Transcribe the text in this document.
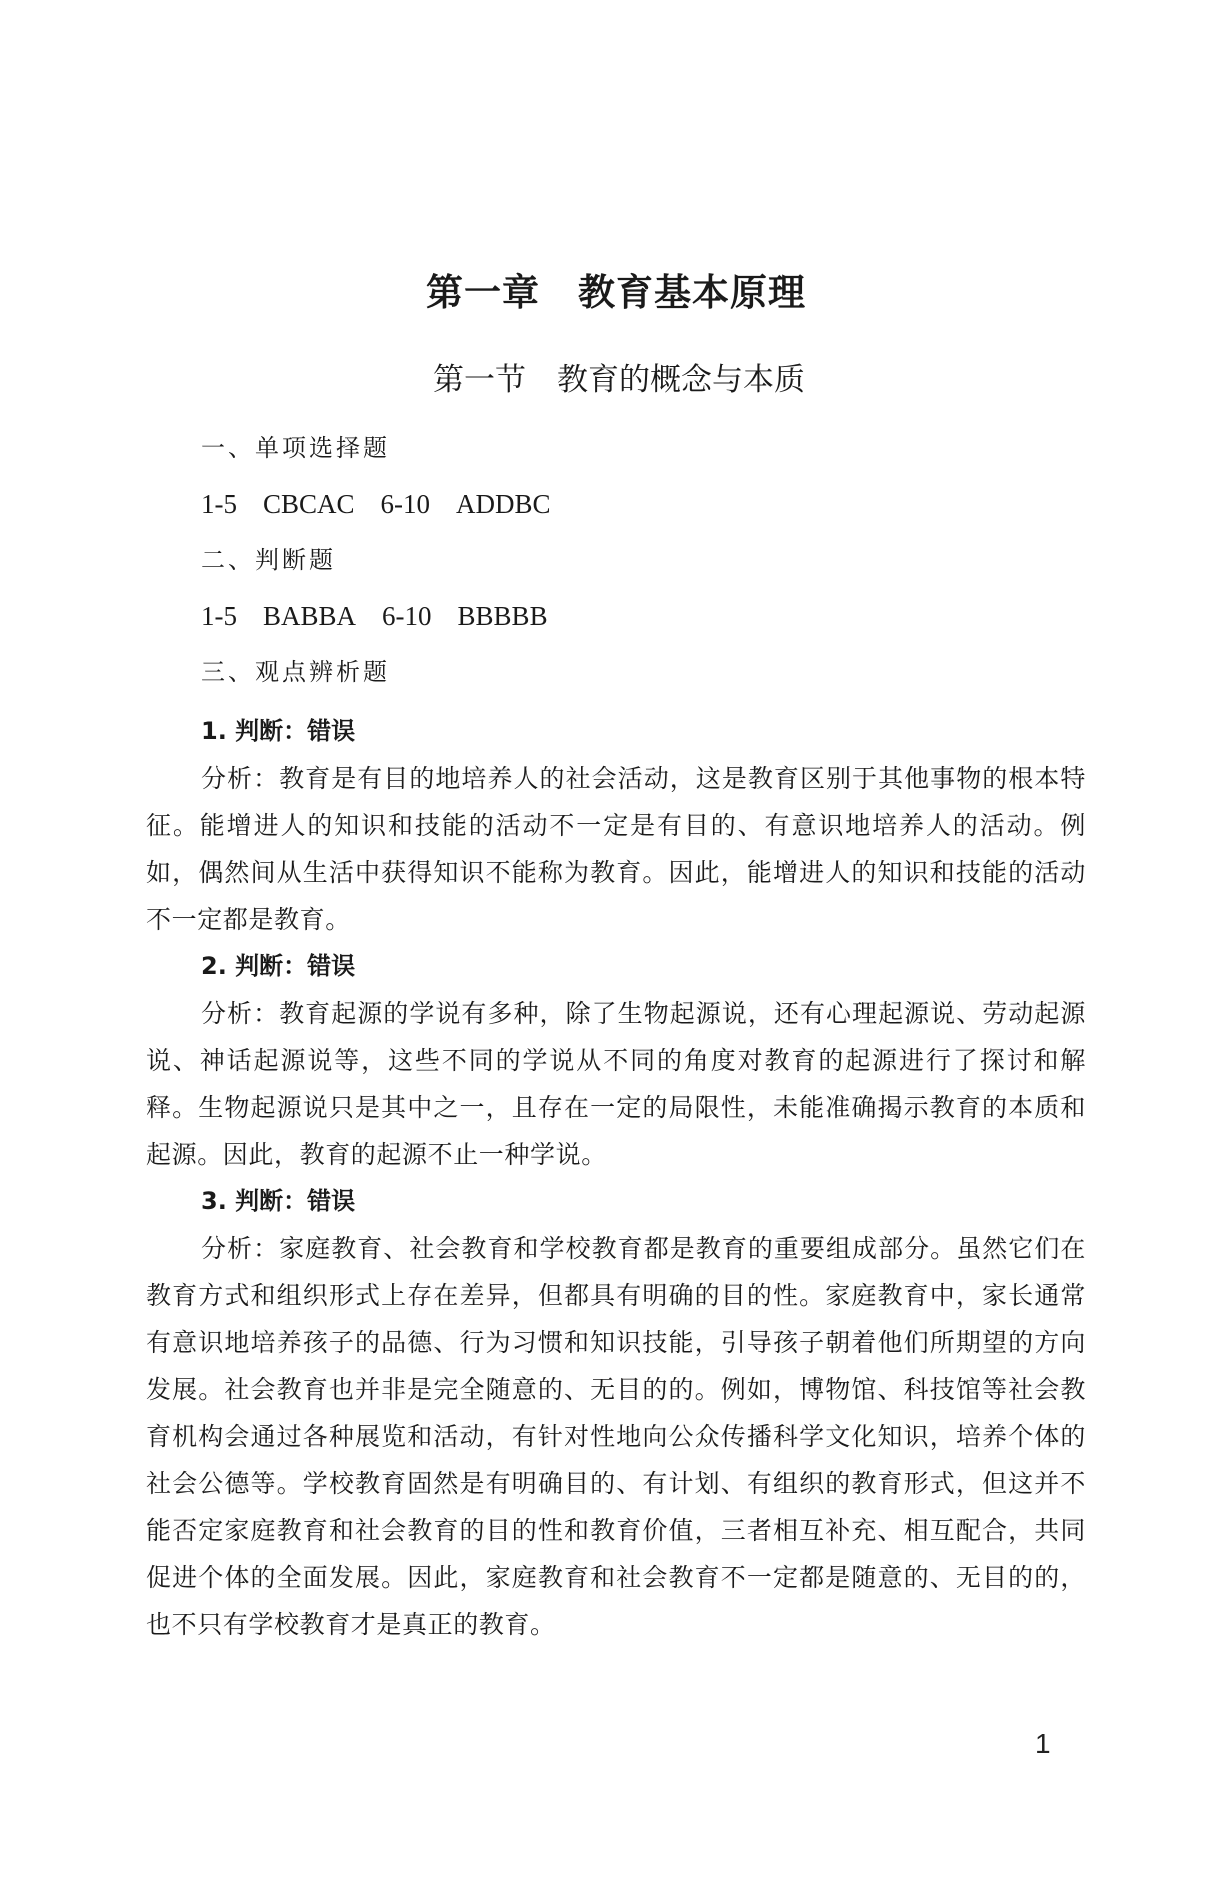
第一章　教育基本原理
第一节　教育的概念与本质
一、单项选择题
1-5 CBCAC 6-10 ADDBC
二、判断题
1-5 BABBA 6-10 BBBBB
三、观点辨析题
1. 判断：错误

分析：教育是有目的地培养人的社会活动，这是教育区别于其他事物的根本特征。能增进人的知识和技能的活动不一定是有目的、有意识地培养人的活动。例如，偶然间从生活中获得知识不能称为教育。因此，能增进人的知识和技能的活动不一定都是教育。

2. 判断：错误

分析：教育起源的学说有多种，除了生物起源说，还有心理起源说、劳动起源说、神话起源说等，这些不同的学说从不同的角度对教育的起源进行了探讨和解释。生物起源说只是其中之一，且存在一定的局限性，未能准确揭示教育的本质和起源。因此，教育的起源不止一种学说。

3. 判断：错误

分析：家庭教育、社会教育和学校教育都是教育的重要组成部分。虽然它们在教育方式和组织形式上存在差异，但都具有明确的目的性。家庭教育中，家长通常有意识地培养孩子的品德、行为习惯和知识技能，引导孩子朝着他们所期望的方向发展。社会教育也并非是完全随意的、无目的的。例如，博物馆、科技馆等社会教育机构会通过各种展览和活动，有针对性地向公众传播科学文化知识，培养个体的社会公德等。学校教育固然是有明确目的、有计划、有组织的教育形式，但这并不能否定家庭教育和社会教育的目的性和教育价值，三者相互补充、相互配合，共同促进个体的全面发展。因此，家庭教育和社会教育不一定都是随意的、无目的的，也不只有学校教育才是真正的教育。

1
